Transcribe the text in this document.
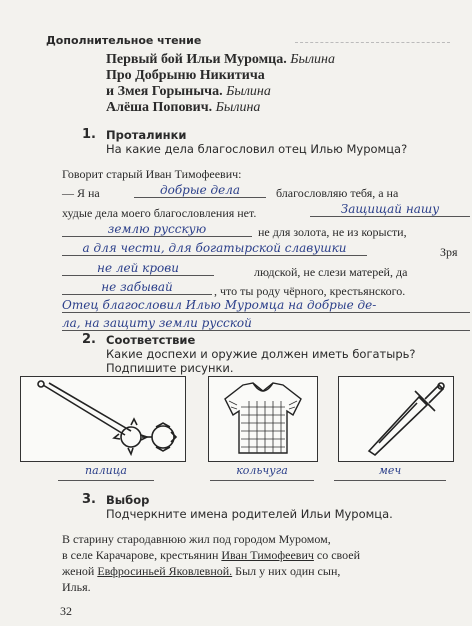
Дополнительное чтение
Первый бой Ильи Муромца. Былина
Про Добрыню Никитича
и Змея Горыныча. Былина
Алёша Попович. Былина
1. Проталинки
На какие дела благословил отец Илью Муромца?
Говорит старый Иван Тимофеевич:
— Я на	добрые дела	благословляю тебя, а на
худые дела моего благословления нет.	Защищай нашу
землю русскую	не для золота, не из корысти,
а для чести, для богатырской славушки	Зря
не лей крови	людской, не слези матерей, да
не забывай	, что ты роду чёрного, крестьянского.
Отец благословил Илью Муромца на добрые де-
ла, на защиту земли русской
2. Соответствие
Какие доспехи и оружие должен иметь богатырь?
Подпишите рисунки.
палица	кольчуга	меч
3. Выбор
Подчеркните имена родителей Ильи Муромца.
В старину стародавнюю жил под городом Муромом,
в селе Карачарове, крестьянин Иван Тимофеевич со своей
женой Евфросиньей Яковлевной. Был у них один сын,
Илья.
32
